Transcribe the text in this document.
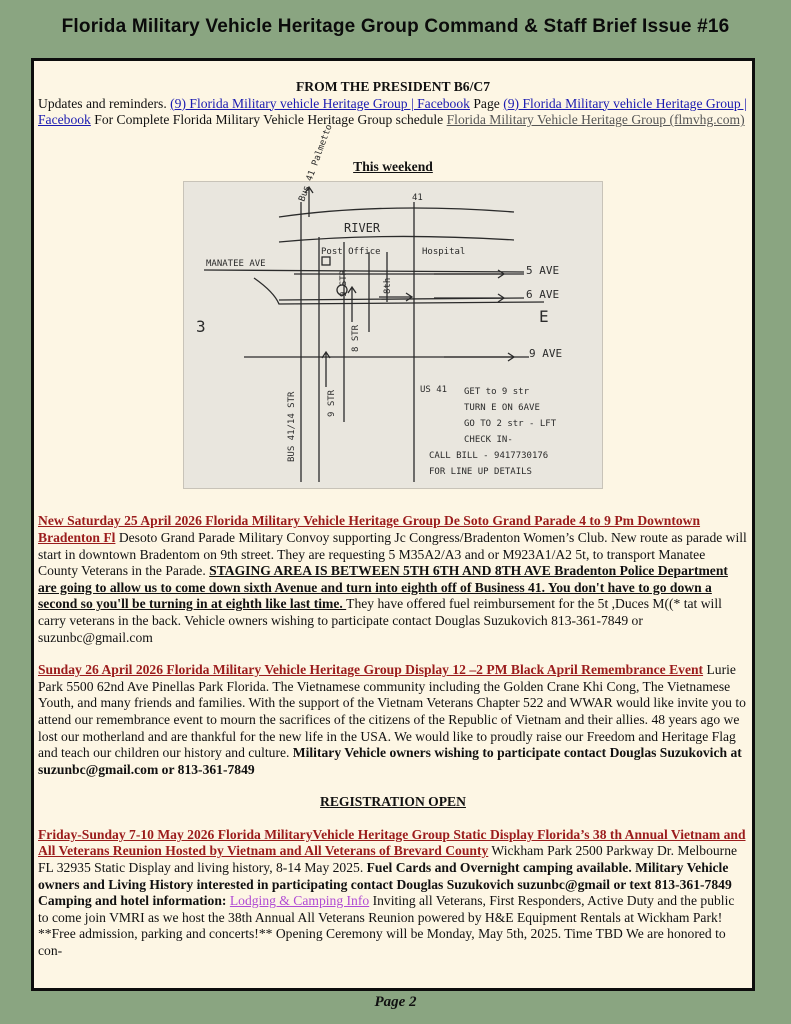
Florida Military Vehicle Heritage Group Command & Staff Brief Issue #16

FROM THE PRESIDENT B6/C7

Updates and reminders. (9) Florida Military vehicle Heritage Group | Facebook Page (9) Florida Military vehicle Heritage Group | Facebook For Complete Florida Military Vehicle Heritage Group schedule Florida Military Vehicle Heritage Group (flmvhg.com)

This weekend

Bus 41 Palmetto	41
RIVER
Post Office	Hospital
MANATEE AVE	5 AVE
6 AVE
E
9 AVE
3
8th
8 STR
9 STR
9 STR
BUS 41/14 STR
US 41 GET to 9 str
TURN E ON 6AVE
GO TO 2 str - LFT
CHECK IN-
CALL BILL - 9417730176
FOR LINE UP DETAILS

New Saturday 25 April 2026 Florida Military Vehicle Heritage Group De Soto Grand Parade 4 to 9 Pm Downtown Bradenton Fl Desoto Grand Parade Military Convoy supporting Jc Congress/Bradenton Women’s Club. New route as parade will start in downtown Bradentom on 9th street. They are requesting 5 M35A2/A3 and or M923A1/A2 5t, to transport Manatee County Veterans in the Parade. STAGING AREA IS BETWEEN 5TH 6TH AND 8TH AVE Bradenton Police Department are going to allow us to come down sixth Avenue and turn into eighth off of Business 41. You don't have to go down a second so you'll be turning in at eighth like last time. They have offered fuel reimbursement for the 5t ,Duces M((* tat will carry veterans in the back. Vehicle owners wishing to participate contact Douglas Suzukovich 813-361-7849 or suzunbc@gmail.com

Sunday 26 April 2026 Florida Military Vehicle Heritage Group Display 12 –2 PM Black April Remembrance Event Lurie Park 5500 62nd Ave Pinellas Park Florida. The Vietnamese community including the Golden Crane Khi Cong, The Vietnamese Youth, and many friends and families. With the support of the Vietnam Veterans Chapter 522 and WWAR would like invite you to attend our remembrance event to mourn the sacrifices of the citizens of the Republic of Vietnam and their allies. 48 years ago we lost our motherland and are thankful for the new life in the USA. We would like to proudly raise our Freedom and Heritage Flag and teach our children our history and culture. Military Vehicle owners wishing to participate contact Douglas Suzukovich at suzunbc@gmail.com or 813-361-7849

REGISTRATION OPEN

Friday-Sunday 7-10 May 2026 Florida MilitaryVehicle Heritage Group Static Display Florida’s 38 th Annual Vietnam and All Veterans Reunion Hosted by Vietnam and All Veterans of Brevard County Wickham Park 2500 Parkway Dr. Melbourne FL 32935 Static Display and living history, 8-14 May 2025. Fuel Cards and Overnight camping available. Military Vehicle owners and Living History interested in participating contact Douglas Suzukovich suzunbc@gmail or text 813-361-7849 Camping and hotel information: Lodging & Camping Info Inviting all Veterans, First Responders, Active Duty and the public to come join VMRI as we host the 38th Annual All Veterans Reunion powered by H&E Equipment Rentals at Wickham Park! **Free admission, parking and concerts!** Opening Ceremony will be Monday, May 5th, 2025. Time TBD We are honored to con-

Page 2
